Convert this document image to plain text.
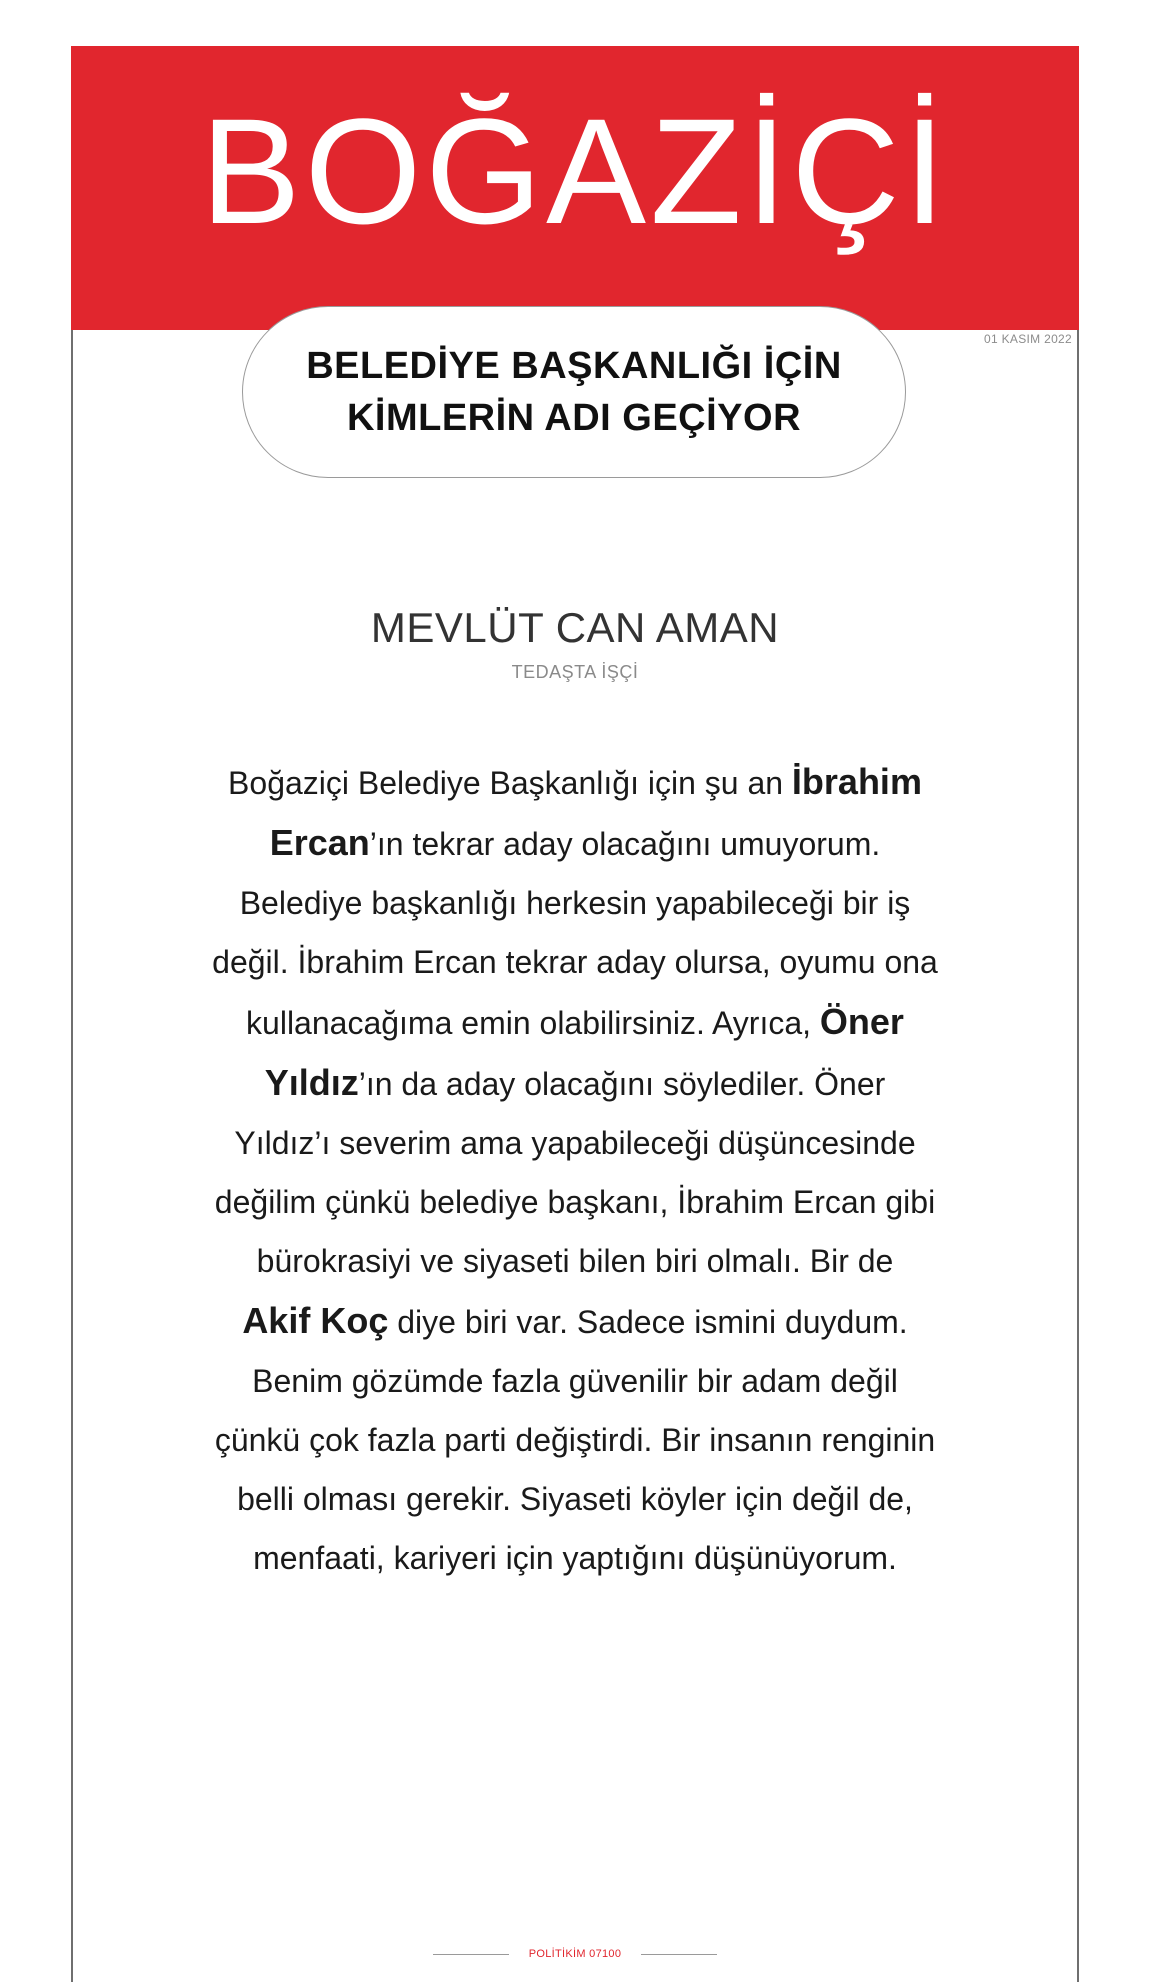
BOĞAZİÇİ
01 KASIM 2022
BELEDİYE BAŞKANLIĞI İÇİN
KİMLERİN ADI GEÇİYOR
MEVLÜT CAN AMAN
TEDAŞTA İŞÇİ
Boğaziçi Belediye Başkanlığı için şu an İbrahim
Ercan’ın tekrar aday olacağını umuyorum.
Belediye başkanlığı herkesin yapabileceği bir iş
değil. İbrahim Ercan tekrar aday olursa, oyumu ona
kullanacağıma emin olabilirsiniz. Ayrıca, Öner
Yıldız’ın da aday olacağını söylediler. Öner
Yıldız’ı severim ama yapabileceği düşüncesinde
değilim çünkü belediye başkanı, İbrahim Ercan gibi
bürokrasiyi ve siyaseti bilen biri olmalı. Bir de
Akif Koç diye biri var. Sadece ismini duydum.
Benim gözümde fazla güvenilir bir adam değil
çünkü çok fazla parti değiştirdi. Bir insanın renginin
belli olması gerekir. Siyaseti köyler için değil de,
menfaati, kariyeri için yaptığını düşünüyorum.
POLİTİKİM 07100
